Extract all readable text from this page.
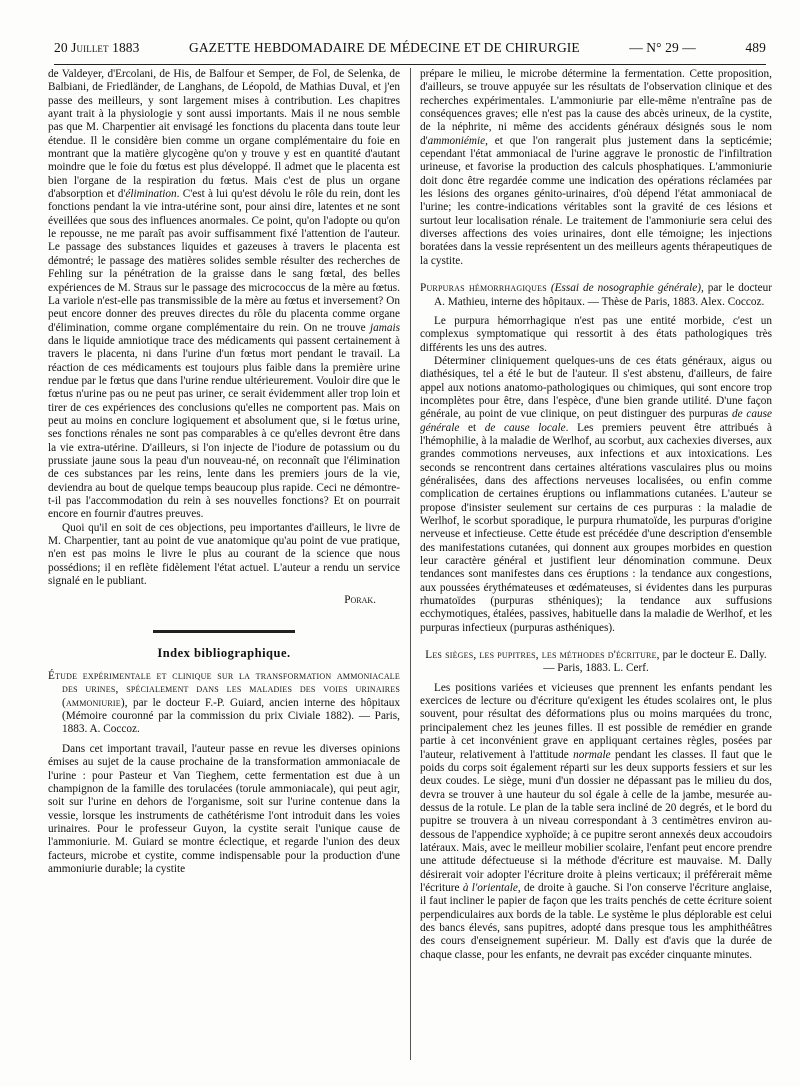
20 Juillet 1883	GAZETTE HEBDOMADAIRE DE MÉDECINE ET DE CHIRURGIE	— N° 29 —	489

de Valdeyer, d'Ercolani, de His, de Balfour et Semper, de Fol, de Selenka, de Balbiani, de Friedländer, de Langhans, de Léopold, de Mathias Duval, et j'en passe des meilleurs, y sont largement mises à contribution. Les chapitres ayant trait à la physiologie y sont aussi importants. Mais il ne nous semble pas que M. Charpentier ait envisagé les fonctions du placenta dans toute leur étendue. Il le considère bien comme un organe complémentaire du foie en montrant que la matière glycogène qu'on y trouve y est en quantité d'autant moindre que le foie du fœtus est plus développé. Il admet que le placenta est bien l'organe de la respiration du fœtus. Mais c'est de plus un organe d'absorption et d'élimination. C'est à lui qu'est dévolu le rôle du rein, dont les fonctions pendant la vie intra-utérine sont, pour ainsi dire, latentes et ne sont éveillées que sous des influences anormales. Ce point, qu'on l'adopte ou qu'on le repousse, ne me paraît pas avoir suffisamment fixé l'attention de l'auteur. Le passage des substances liquides et gazeuses à travers le placenta est démontré; le passage des matières solides semble résulter des recherches de Fehling sur la pénétration de la graisse dans le sang fœtal, des belles expériences de M. Straus sur le passage des micrococcus de la mère au fœtus. La variole n'est-elle pas transmissible de la mère au fœtus et inversement? On peut encore donner des preuves directes du rôle du placenta comme organe d'élimination, comme organe complémentaire du rein. On ne trouve jamais dans le liquide amniotique trace des médicaments qui passent certainement à travers le placenta, ni dans l'urine d'un fœtus mort pendant le travail. La réaction de ces médicaments est toujours plus faible dans la première urine rendue par le fœtus que dans l'urine rendue ultérieurement. Vouloir dire que le fœtus n'urine pas ou ne peut pas uriner, ce serait évidemment aller trop loin et tirer de ces expériences des conclusions qu'elles ne comportent pas. Mais on peut au moins en conclure logiquement et absolument que, si le fœtus urine, ses fonctions rénales ne sont pas comparables à ce qu'elles devront être dans la vie extra-utérine. D'ailleurs, si l'on injecte de l'iodure de potassium ou du prussiate jaune sous la peau d'un nouveau-né, on reconnaît que l'élimination de ces substances par les reins, lente dans les premiers jours de la vie, deviendra au bout de quelque temps beaucoup plus rapide. Ceci ne démontre-t-il pas l'accommodation du rein à ses nouvelles fonctions? Et on pourrait encore en fournir d'autres preuves.

Quoi qu'il en soit de ces objections, peu importantes d'ailleurs, le livre de M. Charpentier, tant au point de vue anatomique qu'au point de vue pratique, n'en est pas moins le livre le plus au courant de la science que nous possédions; il en reflète fidèlement l'état actuel. L'auteur a rendu un service signalé en le publiant.

Porak.
Index bibliographique.

Étude expérimentale et clinique sur la transformation ammoniacale des urines, spécialement dans les maladies des voies urinaires (ammoniurie), par le docteur F.-P. Guiard, ancien interne des hôpitaux (Mémoire couronné par la commission du prix Civiale 1882). — Paris, 1883. A. Coccoz.

Dans cet important travail, l'auteur passe en revue les diverses opinions émises au sujet de la cause prochaine de la transformation ammoniacale de l'urine : pour Pasteur et Van Tieghem, cette fermentation est due à un champignon de la famille des torulacées (torule ammoniacale), qui peut agir, soit sur l'urine en dehors de l'organisme, soit sur l'urine contenue dans la vessie, lorsque les instruments de cathétérisme l'ont introduit dans les voies urinaires. Pour le professeur Guyon, la cystite serait l'unique cause de l'ammoniurie. M. Guiard se montre éclectique, et regarde l'union des deux facteurs, microbe et cystite, comme indispensable pour la production d'une ammoniurie durable; la cystite

prépare le milieu, le microbe détermine la fermentation. Cette proposition, d'ailleurs, se trouve appuyée sur les résultats de l'observation clinique et des recherches expérimentales. L'ammoniurie par elle-même n'entraîne pas de conséquences graves; elle n'est pas la cause des abcès urineux, de la cystite, de la néphrite, ni même des accidents généraux désignés sous le nom d'ammoniémie, et que l'on rangerait plus justement dans la septicémie; cependant l'état ammoniacal de l'urine aggrave le pronostic de l'infiltration urineuse, et favorise la production des calculs phosphatiques. L'ammoniurie doit donc être regardée comme une indication des opérations réclamées par les lésions des organes génito-urinaires, d'où dépend l'état ammoniacal de l'urine; les contre-indications véritables sont la gravité de ces lésions et surtout leur localisation rénale. Le traitement de l'ammoniurie sera celui des diverses affections des voies urinaires, dont elle témoigne; les injections boratées dans la vessie représentent un des meilleurs agents thérapeutiques de la cystite.

Purpuras hémorrhagiques (Essai de nosographie générale), par le docteur A. Mathieu, interne des hôpitaux. — Thèse de Paris, 1883. Alex. Coccoz.

Le purpura hémorrhagique n'est pas une entité morbide, c'est un complexus symptomatique qui ressortit à des états pathologiques très différents les uns des autres.

Déterminer cliniquement quelques-uns de ces états généraux, aigus ou diathésiques, tel a été le but de l'auteur. Il s'est abstenu, d'ailleurs, de faire appel aux notions anatomo-pathologiques ou chimiques, qui sont encore trop incomplètes pour être, dans l'espèce, d'une bien grande utilité. D'une façon générale, au point de vue clinique, on peut distinguer des purpuras de cause générale et de cause locale. Les premiers peuvent être attribués à l'hémophilie, à la maladie de Werlhof, au scorbut, aux cachexies diverses, aux grandes commotions nerveuses, aux infections et aux intoxications. Les seconds se rencontrent dans certaines altérations vasculaires plus ou moins généralisées, dans des affections nerveuses localisées, ou enfin comme complication de certaines éruptions ou inflammations cutanées. L'auteur se propose d'insister seulement sur certains de ces purpuras : la maladie de Werlhof, le scorbut sporadique, le purpura rhumatoïde, les purpuras d'origine nerveuse et infectieuse. Cette étude est précédée d'une description d'ensemble des manifestations cutanées, qui donnent aux groupes morbides en question leur caractère général et justifient leur dénomination commune. Deux tendances sont manifestes dans ces éruptions : la tendance aux congestions, aux poussées érythémateuses et œdémateuses, si évidentes dans les purpuras rhumatoïdes (purpuras sthéniques); la tendance aux suffusions ecchymotiques, étalées, passives, habituelle dans la maladie de Werlhof, et les purpuras infectieux (purpuras asthéniques).

Les sièges, les pupitres, les méthodes d'écriture, par le docteur E. Dally. — Paris, 1883. L. Cerf.

Les positions variées et vicieuses que prennent les enfants pendant les exercices de lecture ou d'écriture qu'exigent les études scolaires ont, le plus souvent, pour résultat des déformations plus ou moins marquées du tronc, principalement chez les jeunes filles. Il est possible de remédier en grande partie à cet inconvénient grave en appliquant certaines règles, posées par l'auteur, relativement à l'attitude normale pendant les classes. Il faut que le poids du corps soit également réparti sur les deux supports fessiers et sur les deux coudes. Le siège, muni d'un dossier ne dépassant pas le milieu du dos, devra se trouver à une hauteur du sol égale à celle de la jambe, mesurée au-dessus de la rotule. Le plan de la table sera incliné de 20 degrés, et le bord du pupitre se trouvera à un niveau correspondant à 3 centimètres environ au-dessous de l'appendice xyphoïde; à ce pupitre seront annexés deux accoudoirs latéraux. Mais, avec le meilleur mobilier scolaire, l'enfant peut encore prendre une attitude défectueuse si la méthode d'écriture est mauvaise. M. Dally désirerait voir adopter l'écriture droite à pleins verticaux; il préférerait même l'écriture à l'orientale, de droite à gauche. Si l'on conserve l'écriture anglaise, il faut incliner le papier de façon que les traits penchés de cette écriture soient perpendiculaires aux bords de la table. Le système le plus déplorable est celui des bancs élevés, sans pupitres, adopté dans presque tous les amphithéâtres des cours d'enseignement supérieur. M. Dally est d'avis que la durée de chaque classe, pour les enfants, ne devrait pas excéder cinquante minutes.
